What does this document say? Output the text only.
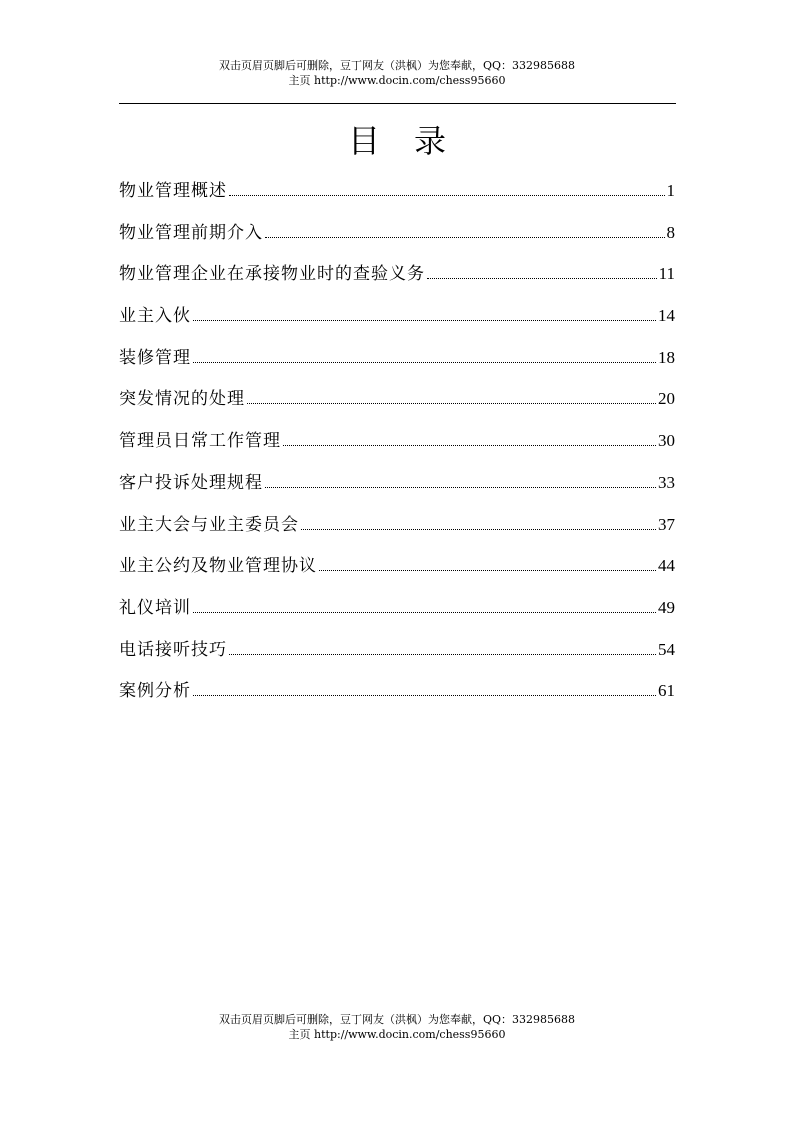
双击页眉页脚后可删除，豆丁网友（洪枫）为您奉献，QQ：332985688
主页 http://www.docin.com/chess95660
目录
物业管理概述	1
物业管理前期介入	8
物业管理企业在承接物业时的查验义务	11
业主入伙	14
装修管理	18
突发情况的处理	20
管理员日常工作管理	30
客户投诉处理规程	33
业主大会与业主委员会	37
业主公约及物业管理协议	44
礼仪培训	49
电话接听技巧	54
案例分析	61
双击页眉页脚后可删除，豆丁网友（洪枫）为您奉献，QQ：332985688
主页 http://www.docin.com/chess95660
